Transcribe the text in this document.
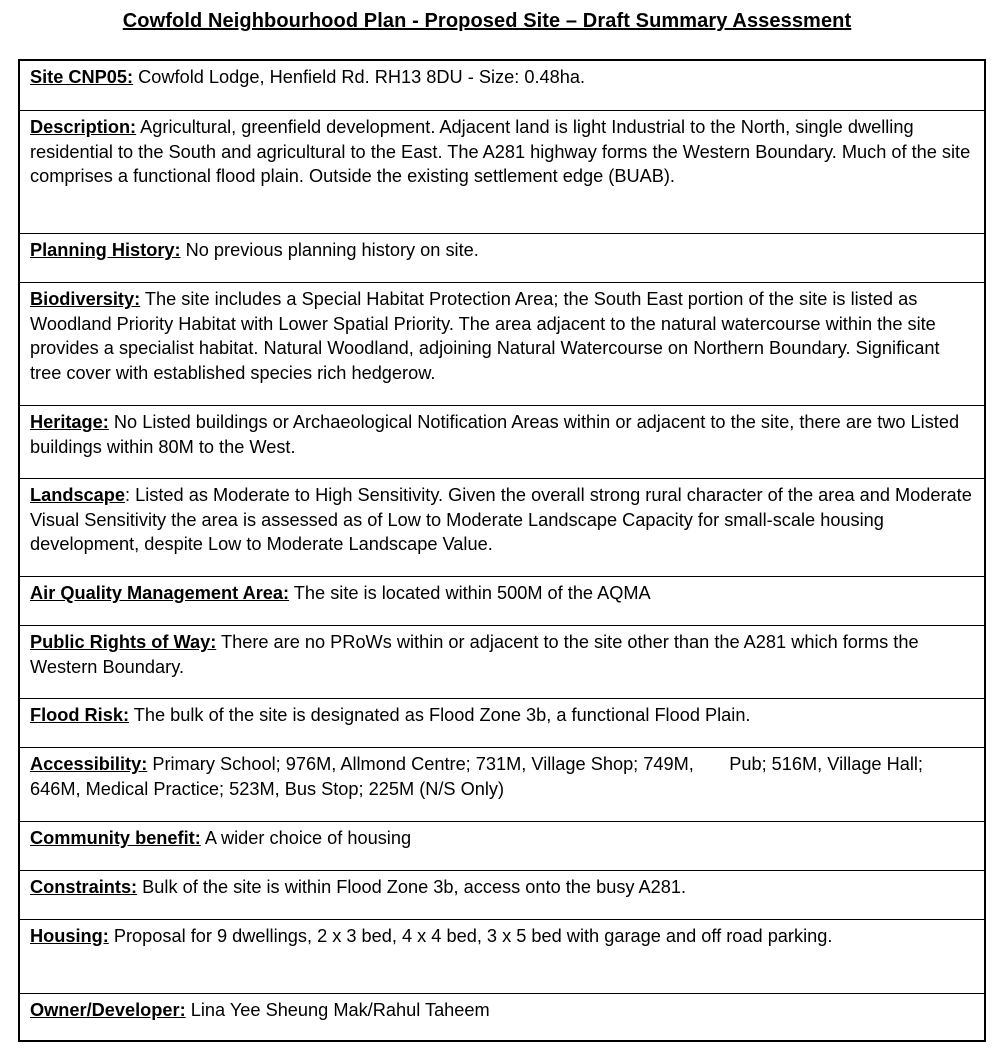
Cowfold Neighbourhood Plan - Proposed Site – Draft Summary Assessment
Site CNP05: Cowfold Lodge, Henfield Rd. RH13 8DU - Size: 0.48ha.
Description: Agricultural, greenfield development. Adjacent land is light Industrial to the North, single dwelling residential to the South and agricultural to the East. The A281 highway forms the Western Boundary. Much of the site comprises a functional flood plain. Outside the existing settlement edge (BUAB).
Planning History: No previous planning history on site.
Biodiversity: The site includes a Special Habitat Protection Area; the South East portion of the site is listed as Woodland Priority Habitat with Lower Spatial Priority. The area adjacent to the natural watercourse within the site provides a specialist habitat. Natural Woodland, adjoining Natural Watercourse on Northern Boundary. Significant tree cover with established species rich hedgerow.
Heritage: No Listed buildings or Archaeological Notification Areas within or adjacent to the site, there are two Listed buildings within 80M to the West.
Landscape: Listed as Moderate to High Sensitivity. Given the overall strong rural character of the area and Moderate Visual Sensitivity the area is assessed as of Low to Moderate Landscape Capacity for small-scale housing development, despite Low to Moderate Landscape Value.
Air Quality Management Area: The site is located within 500M of the AQMA
Public Rights of Way: There are no PRoWs within or adjacent to the site other than the A281 which forms the Western Boundary.
Flood Risk: The bulk of the site is designated as Flood Zone 3b, a functional Flood Plain.
Accessibility: Primary School; 976M, Allmond Centre; 731M, Village Shop; 749M,       Pub; 516M, Village Hall; 646M, Medical Practice; 523M, Bus Stop; 225M (N/S Only)
Community benefit: A wider choice of housing
Constraints: Bulk of the site is within Flood Zone 3b, access onto the busy A281.
Housing: Proposal for 9 dwellings, 2 x 3 bed, 4 x 4 bed, 3 x 5 bed with garage and off road parking.
Owner/Developer: Lina Yee Sheung Mak/Rahul Taheem
